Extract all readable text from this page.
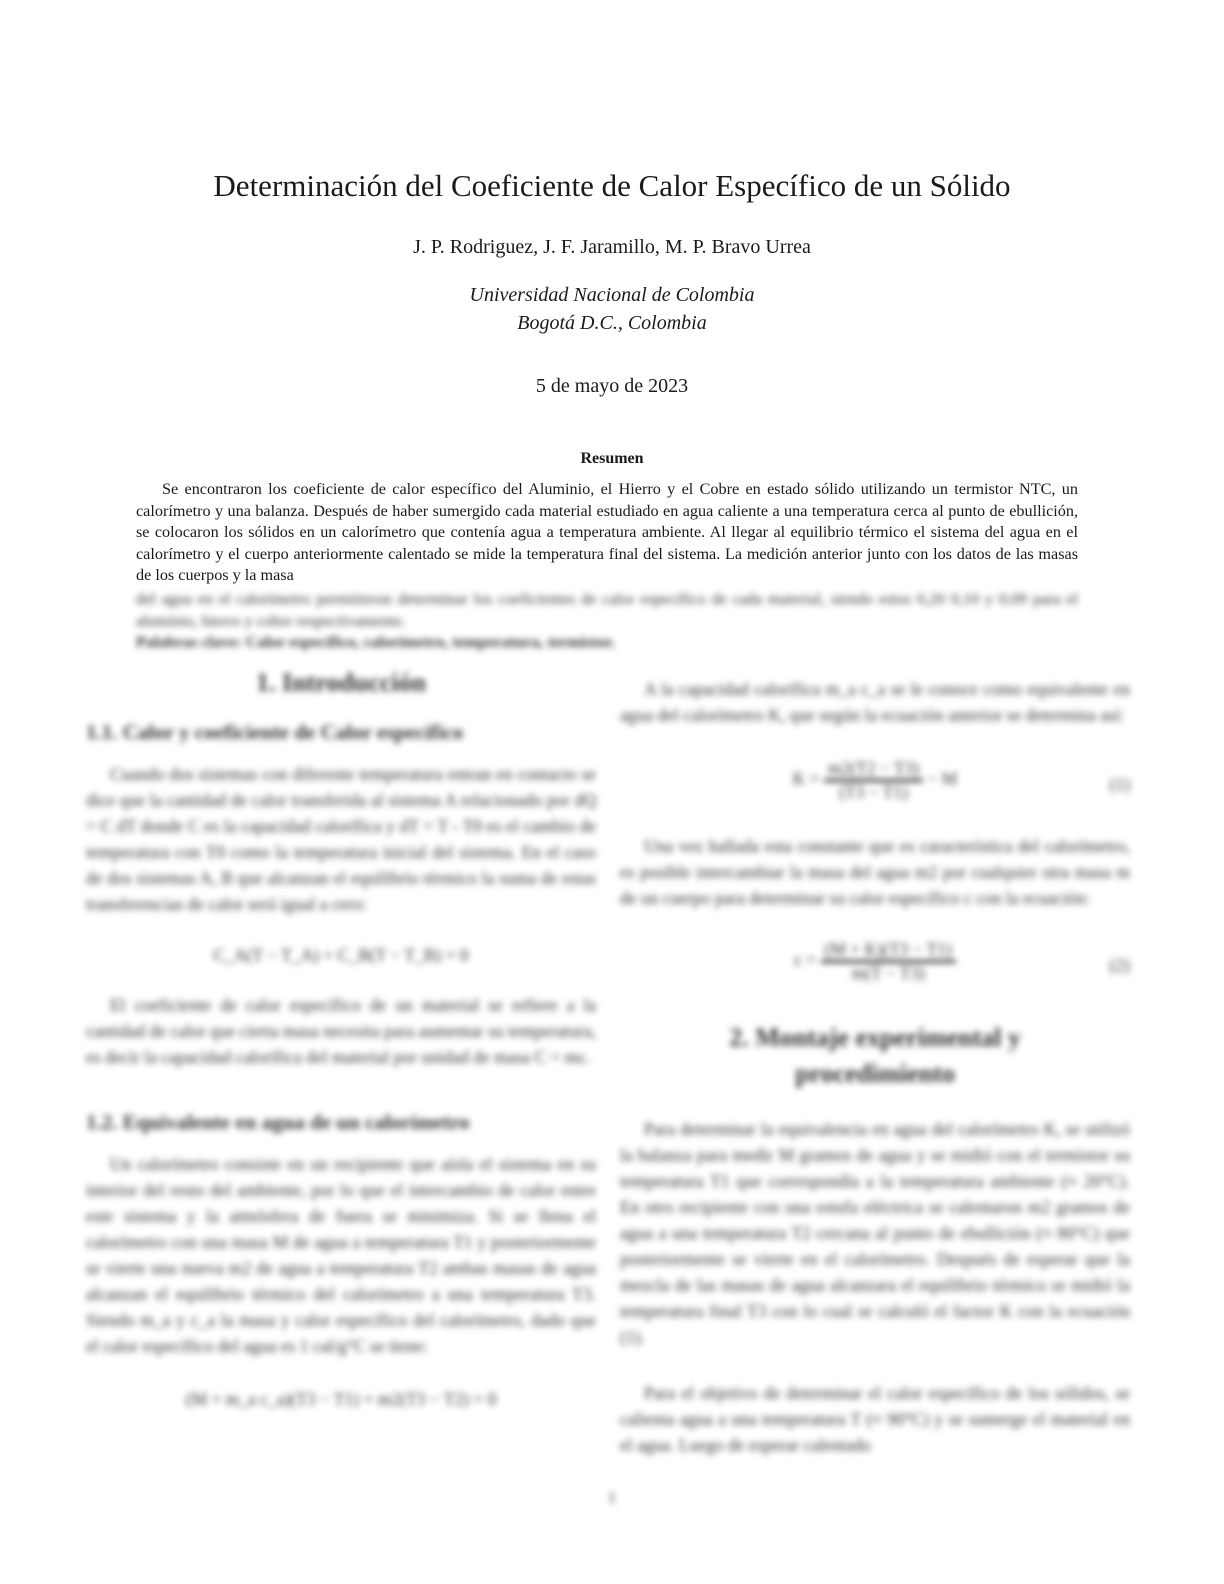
Determinación del Coeficiente de Calor Específico de un Sólido
J. P. Rodriguez, J. F. Jaramillo, M. P. Bravo Urrea
Universidad Nacional de Colombia
Bogotá D.C., Colombia
5 de mayo de 2023
Resumen

Se encontraron los coeficiente de calor específico del Aluminio, el Hierro y el Cobre en estado sólido utilizando un termistor NTC, un calorímetro y una balanza. Después de haber sumergido cada material estudiado en agua caliente a una temperatura cerca al punto de ebullición, se colocaron los sólidos en un calorímetro que contenía agua a temperatura ambiente. Al llegar al equilibrio térmico el sistema del agua en el calorímetro y el cuerpo anteriormente calentado se mide la temperatura final del sistema. La medición anterior junto con los datos de las masas de los cuerpos y la masa

del agua en el calorímetro permitieron determinar los coeficientes de calor específico de cada material, siendo estos 0,20 0,10 y 0,09 para el aluminio, hierro y cobre respectivamente.
Palabras clave: Calor específico, calorímetro, temperatura, termistor.
1. Introducción
1.1. Calor y coeficiente de Calor específico

Cuando dos sistemas con diferente temperatura entran en contacto se dice que la cantidad de calor transferida al sistema A relacionado por dQ = C dT donde C es la capacidad calorífica y dT = T - T0 es el cambio de temperatura con T0 como la temperatura inicial del sistema. En el caso de dos sistemas A, B que alcanzan el equilibrio térmico la suma de estas transferencias de calor será igual a cero:

C_A(T − T_A) + C_B(T − T_B) = 0

El coeficiente de calor específico de un material se refiere a la cantidad de calor que cierta masa necesita para aumentar su temperatura, es decir la capacidad calorífica del material por unidad de masa C = mc.

1.2. Equivalente en agua de un calorímetro

Un calorímetro consiste en un recipiente que aísla el sistema en su interior del resto del ambiente, por lo que el intercambio de calor entre este sistema y la atmósfera de fuera se minimiza. Si se llena el calorímetro con una masa M de agua a temperatura T1 y posteriormente se vierte una nueva m2 de agua a temperatura T2 ambas masas de agua alcanzan el equilibrio térmico del calorímetro a una temperatura T3. Siendo m_a y c_a la masa y calor específico del calorímetro, dado que el calor específico del agua es 1 cal/g°C se tiene:

(M + m_a c_a)(T3 − T1) + m2(T3 − T2) = 0

A la capacidad calorífica m_a c_a se le conoce como equivalente en agua del calorímetro K, que según la ecuación anterior se determina así:

$K = \frac{m2(T2 - T3)}{(T3 - T1)} - M$	(1)

Una vez hallada esta constante que es característica del calorímetro, es posible intercambiar la masa del agua m2 por cualquier otra masa m de un cuerpo para determinar su calor específico c con la ecuación:

$c = \frac{(M + K)(T3 - T1)}{m(T - T3)}$	(2)
2. Montaje experimental y
procedimiento

Para determinar la equivalencia en agua del calorímetro K, se utilizó la balanza para medir M gramos de agua y se midió con el termistor su temperatura T1 que correspondía a la temperatura ambiente (≈ 20°C). En otro recipiente con una estufa eléctrica se calentaron m2 gramos de agua a una temperatura T2 cercana al punto de ebullición (≈ 80°C) que posteriormente se vierte en el calorímetro. Después de esperar que la mezcla de las masas de agua alcanzara el equilibrio térmico se midió la temperatura final T3 con lo cual se calculó el factor K con la ecuación (1).

Para el objetivo de determinar el calor específico de los sólidos, se calienta agua a una temperatura T (≈ 90°C) y se sumerge el material en el agua. Luego de esperar calentado

1
